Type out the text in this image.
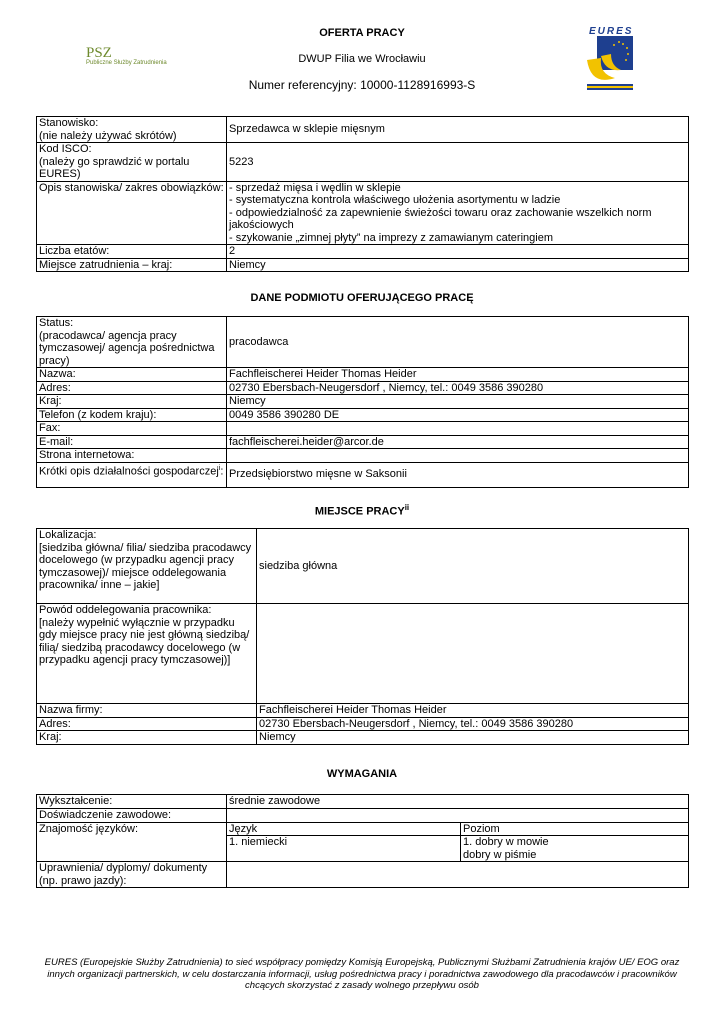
OFERTA PRACY
DWUP Filia we Wrocławiu
Numer referencyjny: 10000-1128916993-S
PSZ
Publiczne Służby Zatrudnienia
EURES
Stanowisko:
(nie należy używać skrótów)	Sprzedawca w sklepie mięsnym
Kod ISCO:
(należy go sprawdzić w portalu EURES)	5223
Opis stanowiska/ zakres obowiązków:	- sprzedaż mięsa i wędlin w sklepie
- systematyczna kontrola właściwego ułożenia asortymentu w ladzie
- odpowiedzialność za zapewnienie świeżości towaru oraz zachowanie wszelkich norm jakościowych
- szykowanie „zimnej płyty” na imprezy z zamawianym cateringiem
Liczba etatów:	2
Miejsce zatrudnienia – kraj:	Niemcy
DANE PODMIOTU OFERUJĄCEGO PRACĘ
Status:
(pracodawca/ agencja pracy tymczasowej/ agencja pośrednictwa pracy)	pracodawca
Nazwa:	Fachfleischerei Heider Thomas Heider
Adres:	02730 Ebersbach-Neugersdorf , Niemcy, tel.: 0049 3586 390280
Kraj:	Niemcy
Telefon (z kodem kraju):	0049 3586 390280 DE
Fax:	
E-mail:	fachfleischerei.heider@arcor.de
Strona internetowa:	
Krótki opis działalności gospodarczej$^i$:	Przedsiębiorstwo mięsne w Saksonii
MIEJSCE PRACY$^{ii}$
Lokalizacja:
[siedziba główna/ filia/ siedziba pracodawcy docelowego (w przypadku agencji pracy tymczasowej)/ miejsce oddelegowania pracownika/ inne – jakie]	siedziba główna
Powód oddelegowania pracownika:
[należy wypełnić wyłącznie w przypadku gdy miejsce pracy nie jest główną siedzibą/ filią/ siedzibą pracodawcy docelowego (w przypadku agencji pracy tymczasowej)]	
Nazwa firmy:	Fachfleischerei Heider Thomas Heider
Adres:	02730 Ebersbach-Neugersdorf , Niemcy, tel.: 0049 3586 390280
Kraj:	Niemcy
WYMAGANIA
Wykształcenie:	średnie zawodowe	
Doświadczenie zawodowe:		
Znajomość języków:	Język	Poziom
	1. niemiecki	1. dobry w mowie
dobry w piśmie
Uprawnienia/ dyplomy/ dokumenty
(np. prawo jazdy):		
EURES (Europejskie Służby Zatrudnienia) to sieć współpracy pomiędzy Komisją Europejską, Publicznymi Służbami Zatrudnienia krajów UE/ EOG oraz innych organizacji partnerskich, w celu dostarczania informacji, usług pośrednictwa pracy i poradnictwa zawodowego dla pracodawców i pracowników chcących skorzystać z zasady wolnego przepływu osób
